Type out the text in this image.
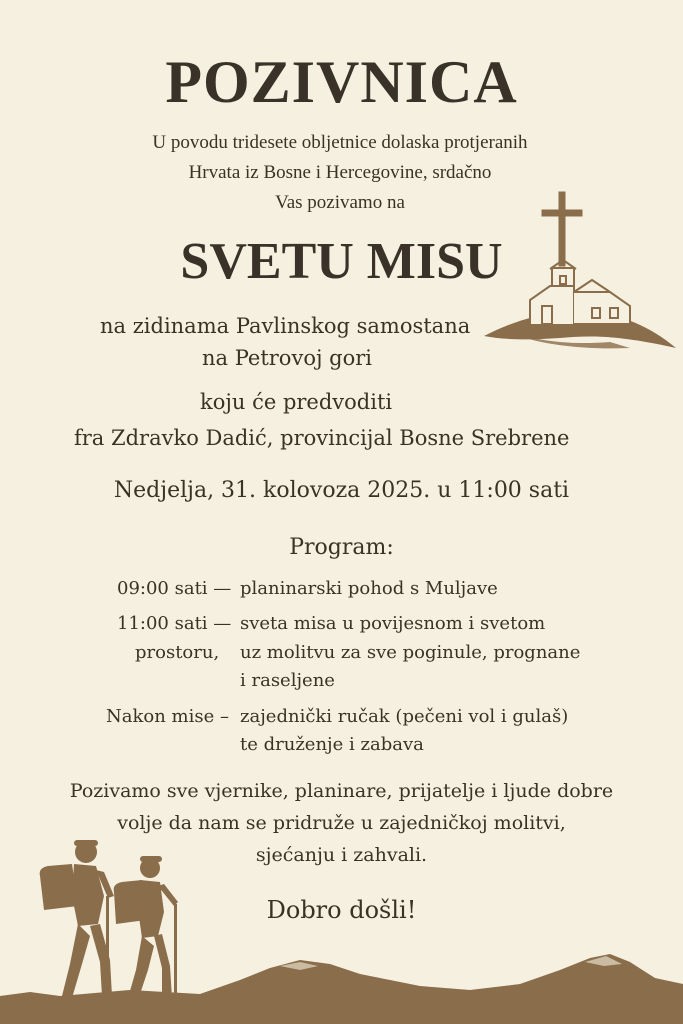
POZIVNICA
U povodu tridesete obljetnice dolaska protjeranih
Hrvata iz Bosne i Hercegovine, srdačno
Vas pozivamo na
SVETU MISU
na zidinama Pavlinskog samostana
na Petrovoj gori
koju će predvoditi
fra Zdravko Dadić, provincijal Bosne Srebrene
Nedjelja, 31. kolovoza 2025. u 11:00 sati
Program:
09:00 sati — planinarski pohod s Muljave
11:00 sati — sveta misa u povijesnom i svetom
prostoru, uz molitvu za sve poginule, prognane
i raseljene
Nakon mise – zajednički ručak (pečeni vol i gulaš)
te druženje i zabava
Pozivamo sve vjernike, planinare, prijatelje i ljude dobre
volje da nam se pridruže u zajedničkoj molitvi,
sjećanju i zahvali.
Dobro došli!
